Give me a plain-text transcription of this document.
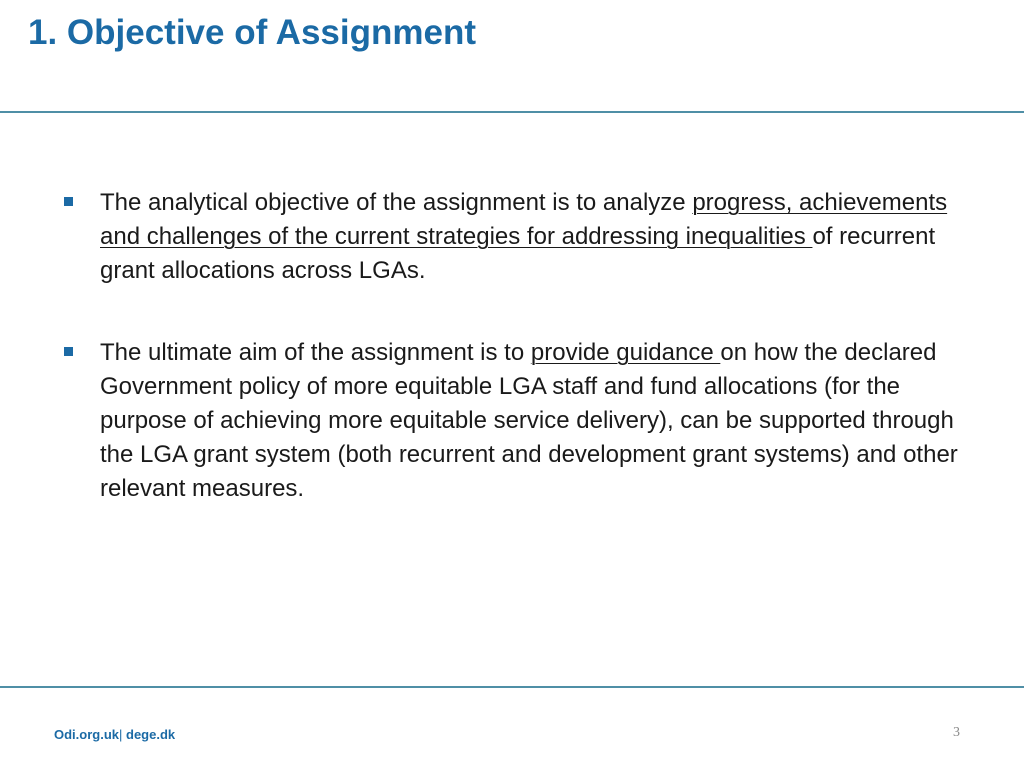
1. Objective of Assignment
The analytical objective of the assignment is to analyze progress, achievements and challenges of the current strategies for addressing inequalities of recurrent grant allocations across LGAs.
The ultimate aim of the assignment is to provide guidance on how the declared Government policy of more equitable LGA staff and fund allocations (for the purpose of achieving more equitable service delivery), can be supported through the LGA grant system (both recurrent and development grant systems) and other relevant measures.
Odi.org.uk| dege.dk	3
